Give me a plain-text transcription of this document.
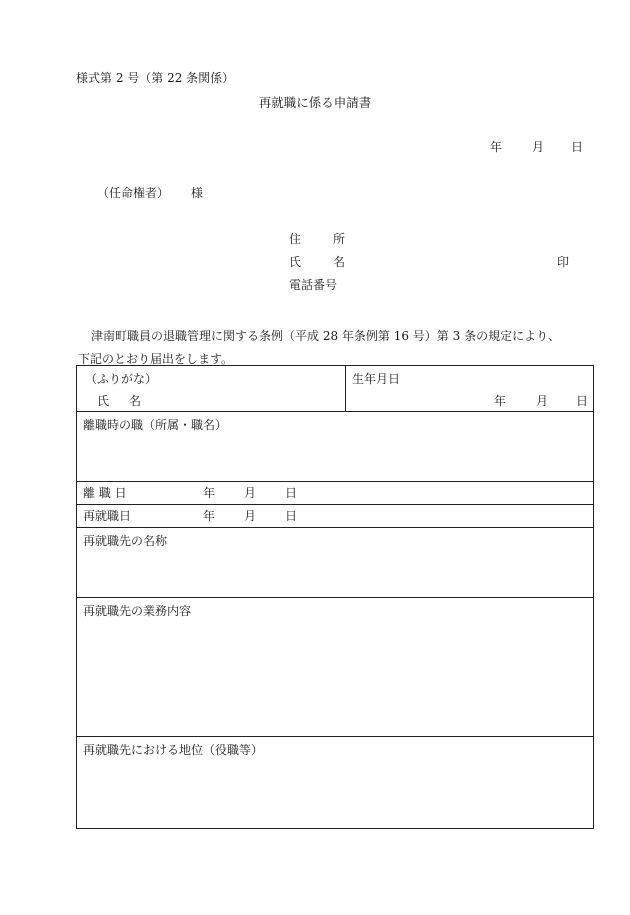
様式第 2 号（第 22 条関係）
再就職に係る申請書
年 月 日
（任命権者） 様
住	所
氏	名
電話番号
印
津南町職員の退職管理に関する条例（平成 28 年条例第 16 号）第 3 条の規定により、
下記のとおり届出をします。
（ふりがな）
氏 名

生年月日
年 月 日

離職時の職（所属・職名）

離 職 日	年 月 日

再就職日	年 月 日

再就職先の名称

再就職先の業務内容

再就職先における地位（役職等）
